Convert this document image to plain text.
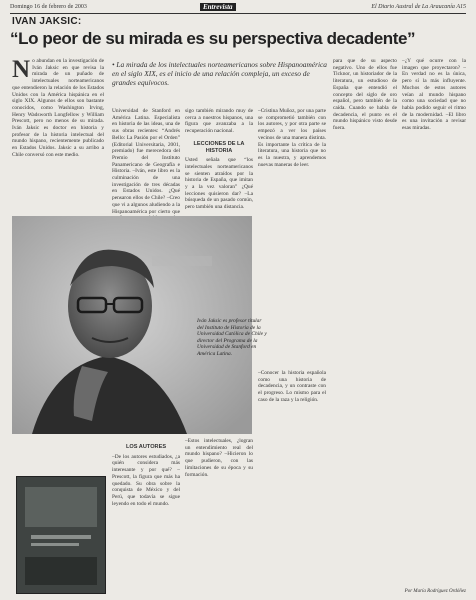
Domingo 16 de febrero de 2003	Entrevista	El Diario Austral de La Araucanía A15
IVAN JAKSIC:
“Lo peor de su mirada es su perspectiva decadente”
N o abundan en la investigación de Iván Jaksic en que revisa la mirada de un puñado de intelectuales norteamericanos que entendieron la relación de los Estados Unidos con la América hispánica en el siglo XIX. Algunos de ellos son bastante conocidos, como Washington Irving, Henry Wadsworth Longfellow y William Prescott, pero no menos de su mirada. Iván Jaksic es doctor en historia y profesor de la historia intelectual del mundo hispano, recientemente publicado en Estados Unidos. Jaksic a su arribo a Chile conversó con este medio.

• La mirada de los intelectuales norteamericanos sobre Hispanoamérica en el siglo XIX, es el inicio de una relación compleja, un exceso de grandes equívocos.

Universidad de Stanford en América Latina. Especialista en historia de las ideas, una de sus obras recientes: “Andrés Bello: La Pasión por el Orden” (Editorial Universitaria, 2001, premiado) fue merecedora del Premio del Instituto Panamericano de Geografía e Historia. –Iván, este libro es la culminación de una investigación de tres décadas en Estados Unidos. ¿Qué pensaron ellos de Chile? –Creo que vi a algunos aludiendo a la Hispanoamérica por cierto que

sigo también mirando muy de cerca a nuestros hispanos, una figura que avanzaba a la recuperación nacional.

LECCIONES DE LA HISTORIA

Usted señala que “los intelectuales norteamericanos se sienten atraídos por la historia de España, que imitan y a la vez valoran” ¿Qué lecciones quisieron dar? –La búsqueda de un pasado común, pero también una distancia.

–Cristina Muñoz, por una parte se comprometió también con los autores, y por otra parte se empezó a ver los países vecinos de una manera distinta. Es importante la crítica de la literatura, una historia que no es la nuestra, y aprendemos nuevas maneras de leer.

–Conocer la historia española como una historia de decadencia, y un contraste con el progreso. Lo mismo para el caso de la raza y la religión.

para que de su aspecto negativo. Uno de ellos fue Ticknor, un historiador de la literatura, un estudioso de España que entendió el concepto del siglo de oro español, pero también de la caída. Cuando se habla de decadencia, el punto es el mundo hispánico visto desde fuera.

–¿Y qué ocurre con la imagen que proyectaron? –En verdad no es la única, pero sí la más influyente. Muchos de estos autores veían al mundo hispano como una sociedad que no había podido seguir el ritmo de la modernidad. –El libro es una invitación a revisar esas miradas.

Iván Jaksic es profesor titular del Instituto de Historia de la Universidad Católica de Chile y director del Programa de la Universidad de Stanford en América Latina.
LOS AUTORES

–De los autores estudiados, ¿a quién considera más interesante y por qué? –Prescott, la figura que más ha quedado. Su obra sobre la conquista de México y del Perú, que todavía se sigue leyendo en todo el mundo.

–Estos intelectuales, ¿logran un entendimiento real del mundo hispano? –Hicieron lo que pudieron, con las limitaciones de su época y su formación.

Por María Rodríguez Ordóñez
